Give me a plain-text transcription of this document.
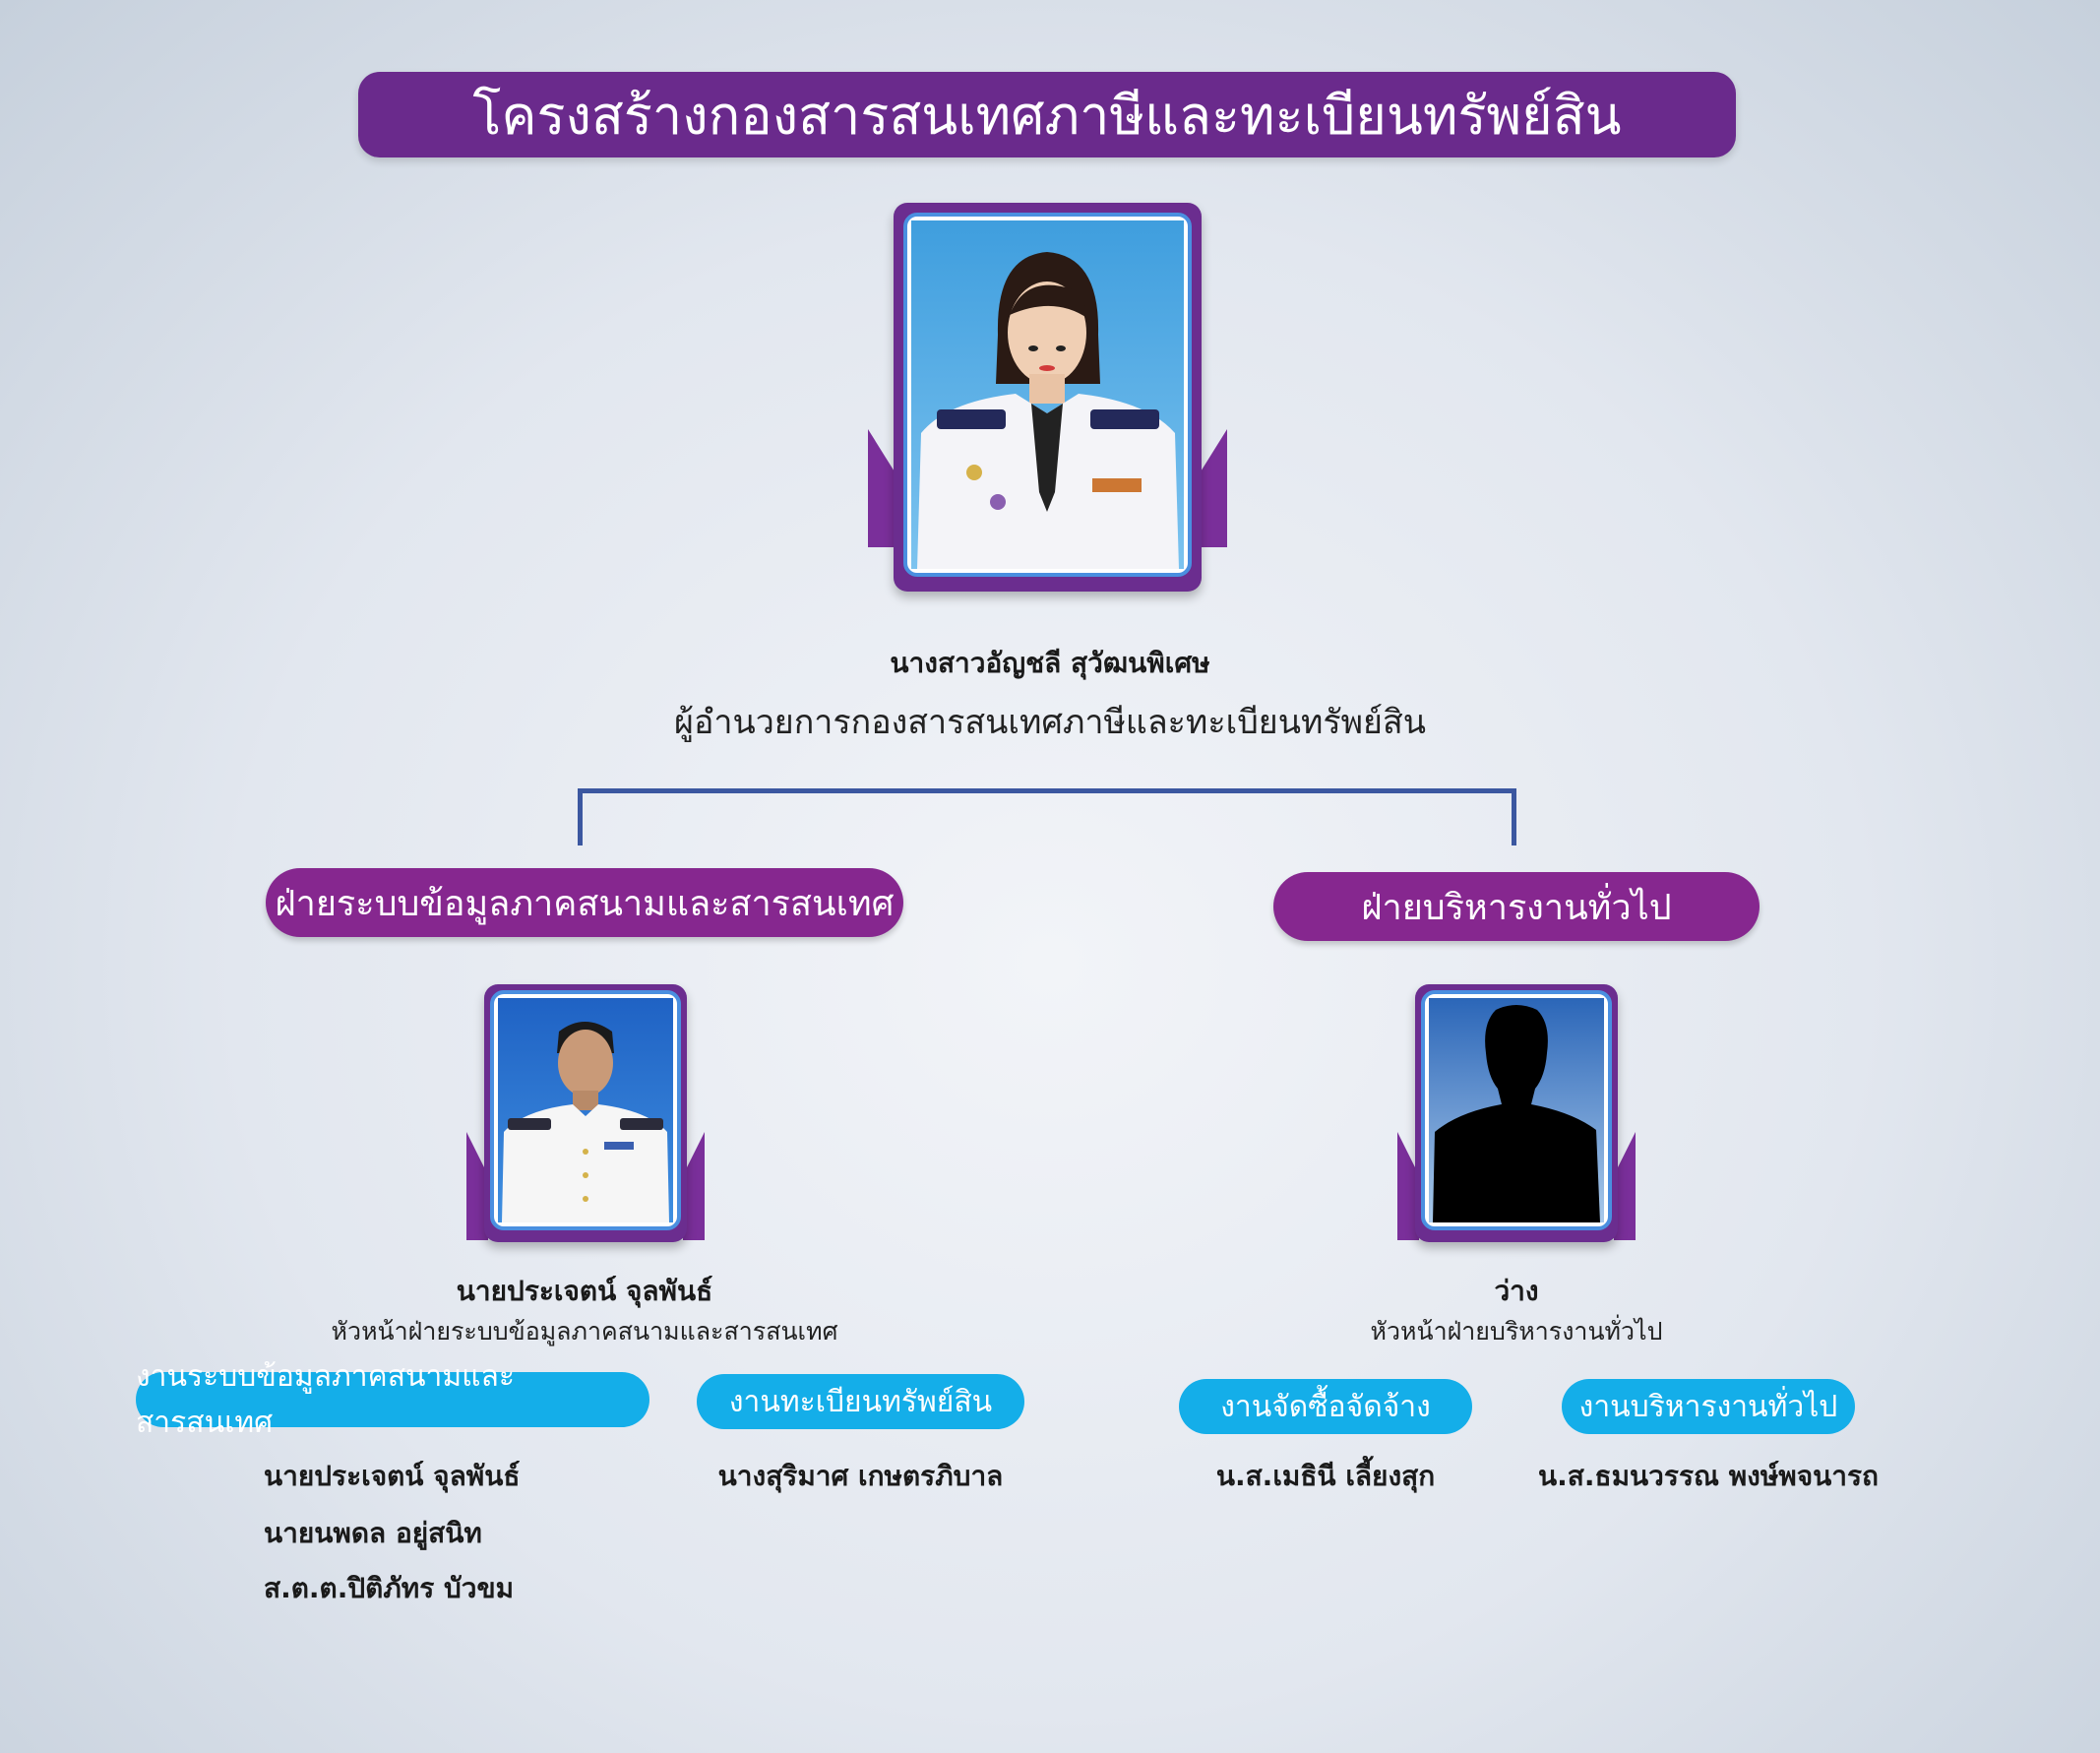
โครงสร้างกองสารสนเทศภาษีและทะเบียนทรัพย์สิน
นางสาวอัญชลี สุวัฒนพิเศษ
ผู้อำนวยการกองสารสนเทศภาษีและทะเบียนทรัพย์สิน
ฝ่ายระบบข้อมูลภาคสนามและสารสนเทศ	ฝ่ายบริหารงานทั่วไป
นายประเจตน์ จุลพันธ์
หัวหน้าฝ่ายระบบข้อมูลภาคสนามและสารสนเทศ
ว่าง
หัวหน้าฝ่ายบริหารงานทั่วไป
งานระบบข้อมูลภาคสนามและสารสนเทศ
งานทะเบียนทรัพย์สิน	งานจัดซื้อจัดจ้าง	งานบริหารงานทั่วไป
นายประเจตน์ จุลพันธ์
นายนพดล อยู่สนิท
ส.ต.ต.ปิติภัทร บัวขม
นางสุริมาศ เกษตรภิบาล	น.ส.เมธินี เลี้ยงสุก	น.ส.ธมนวรรณ พงษ์พจนารถ
